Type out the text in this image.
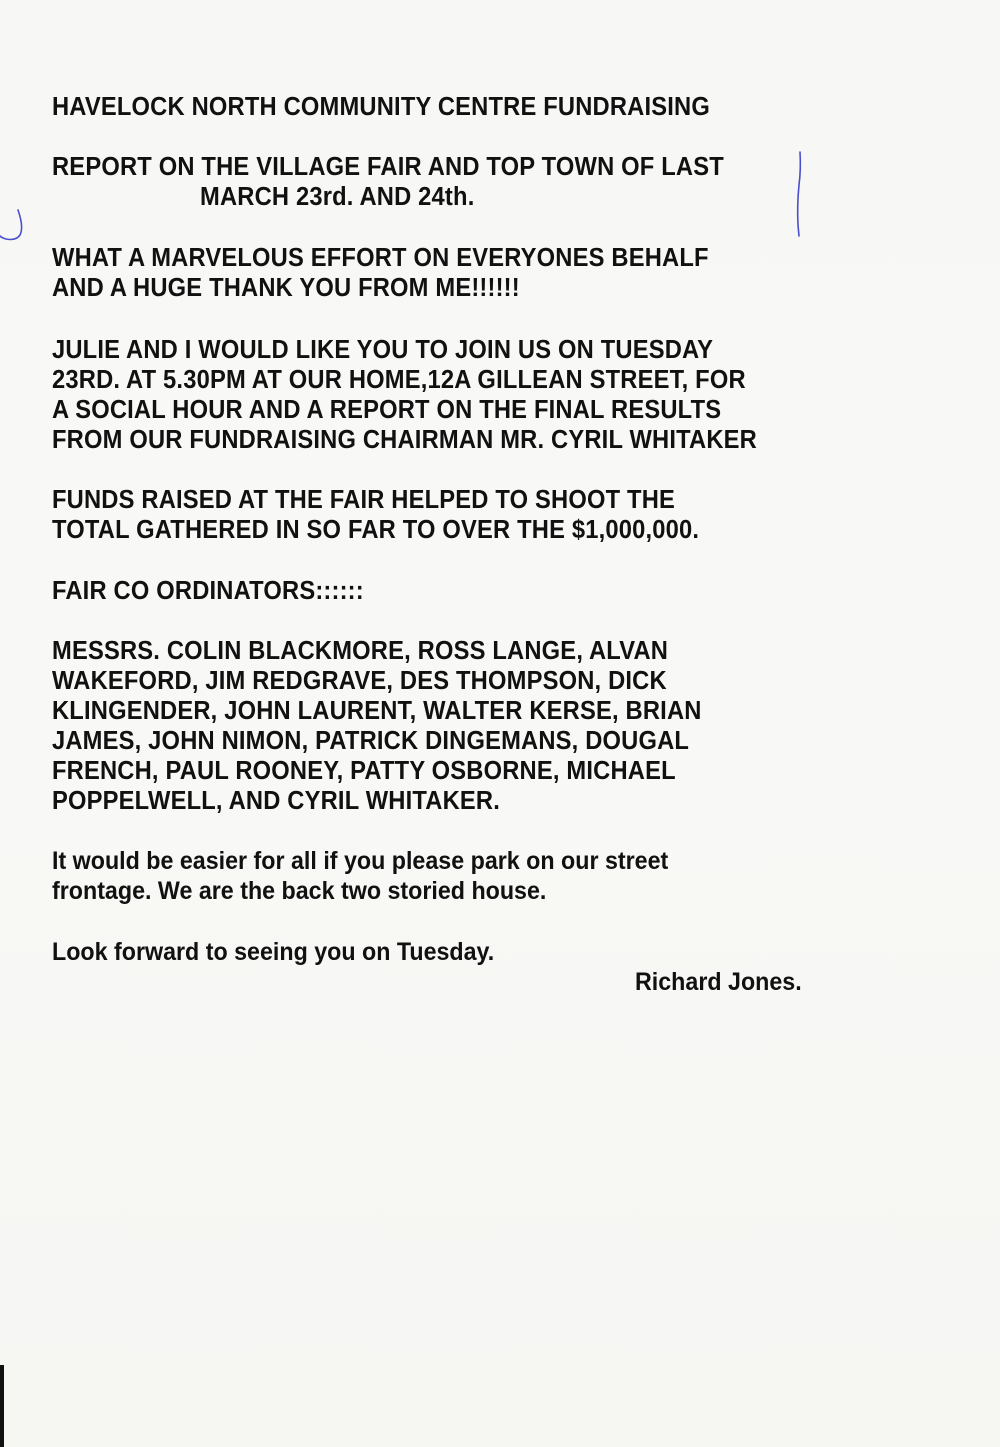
HAVELOCK NORTH COMMUNITY CENTRE FUNDRAISING
REPORT ON THE VILLAGE FAIR AND TOP TOWN OF LAST
MARCH 23rd. AND 24th.
WHAT A MARVELOUS EFFORT ON EVERYONES BEHALF
AND A HUGE THANK YOU FROM ME!!!!!!
JULIE AND I WOULD LIKE YOU TO JOIN US ON TUESDAY
23RD. AT 5.30PM AT OUR HOME,12A GILLEAN STREET, FOR
A SOCIAL HOUR AND A REPORT ON THE FINAL RESULTS
FROM OUR FUNDRAISING CHAIRMAN MR. CYRIL WHITAKER
FUNDS RAISED AT THE FAIR HELPED TO SHOOT THE
TOTAL GATHERED IN SO FAR TO OVER THE $1,000,000.
FAIR CO ORDINATORS::::::
MESSRS. COLIN BLACKMORE, ROSS LANGE, ALVAN
WAKEFORD, JIM REDGRAVE, DES THOMPSON, DICK
KLINGENDER, JOHN LAURENT, WALTER KERSE, BRIAN
JAMES, JOHN NIMON, PATRICK DINGEMANS, DOUGAL
FRENCH, PAUL ROONEY, PATTY OSBORNE, MICHAEL
POPPELWELL, AND CYRIL WHITAKER.
It would be easier for all if you please park on our street
frontage. We are the back two storied house.
Look forward to seeing you on Tuesday.
Richard Jones.
